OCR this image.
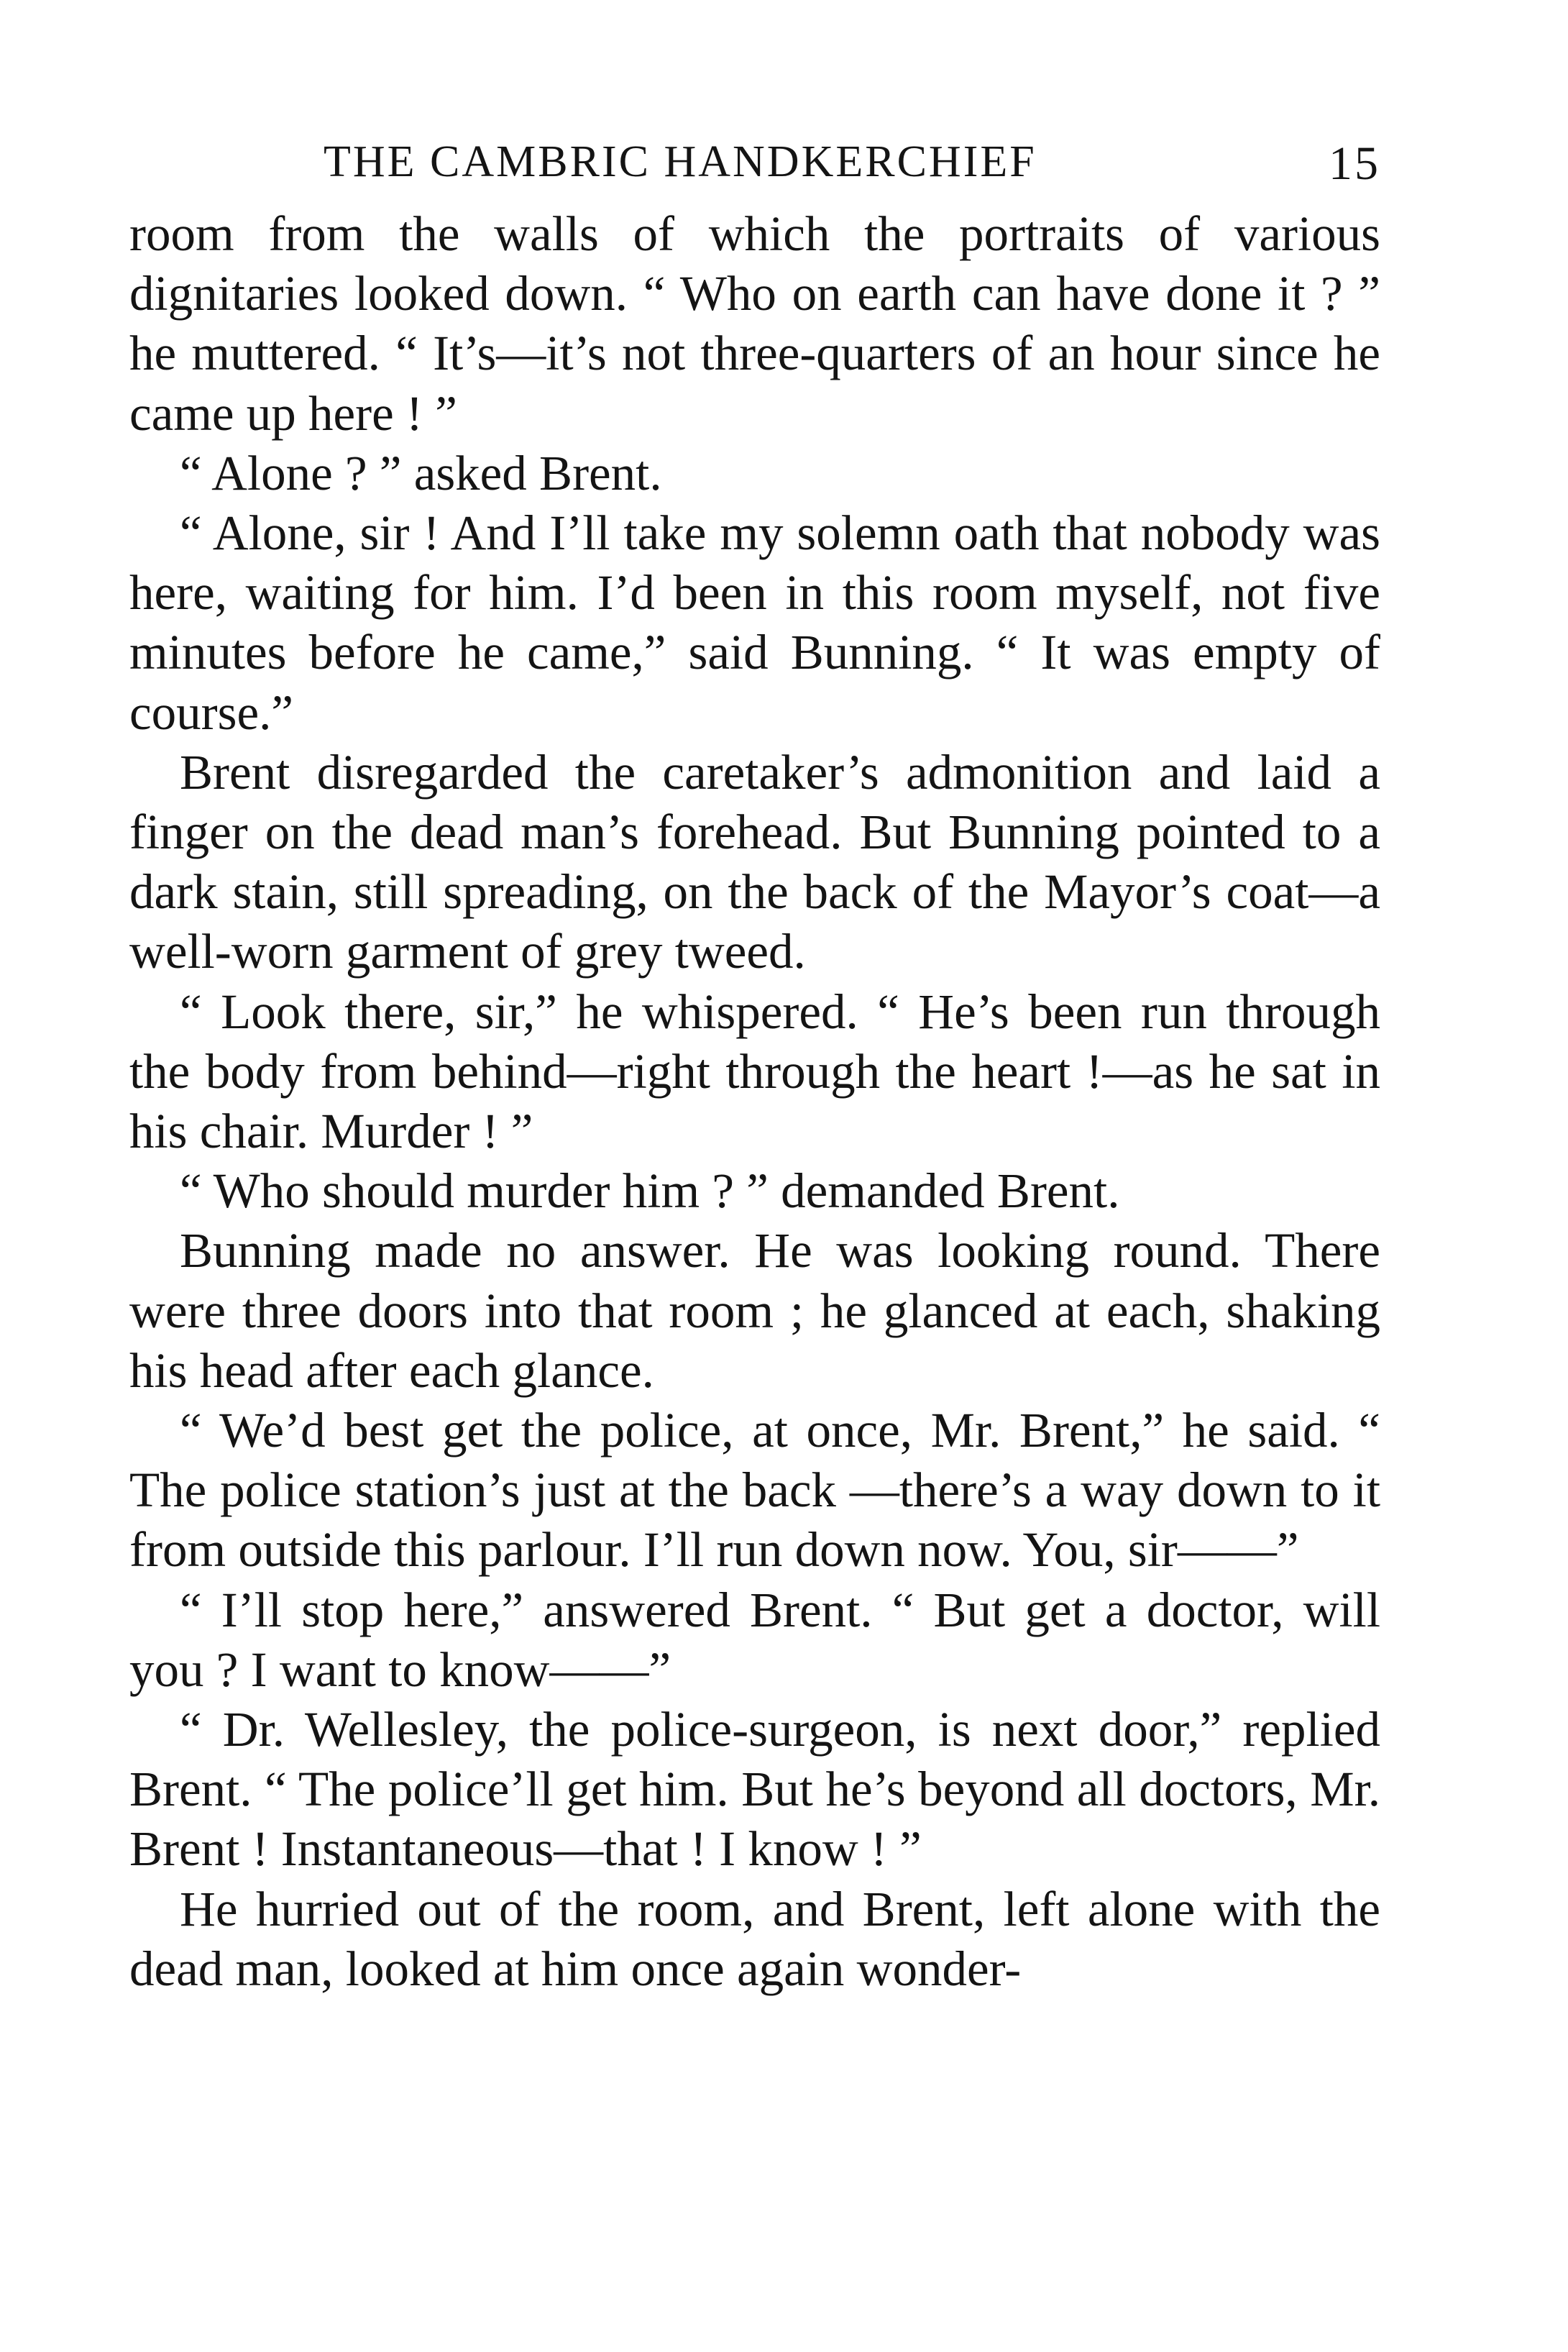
THE CAMBRIC HANDKERCHIEF	15

room from the walls of which the portraits of various dignitaries looked down. “ Who on earth can have done it ? ” he muttered. “ It’s—it’s not three-quarters of an hour since he came up here ! ”

“ Alone ? ” asked Brent.

“ Alone, sir ! And I’ll take my solemn oath that nobody was here, waiting for him. I’d been in this room myself, not five minutes before he came,” said Bunning. “ It was empty of course.”

Brent disregarded the caretaker’s admonition and laid a finger on the dead man’s forehead. But Bunning pointed to a dark stain, still spreading, on the back of the Mayor’s coat—a well-worn garment of grey tweed.

“ Look there, sir,” he whispered. “ He’s been run through the body from behind—right through the heart !—as he sat in his chair. Murder ! ”

“ Who should murder him ? ” demanded Brent.

Bunning made no answer. He was looking round. There were three doors into that room ; he glanced at each, shaking his head after each glance.

“ We’d best get the police, at once, Mr. Brent,” he said. “ The police station’s just at the back —there’s a way down to it from outside this parlour. I’ll run down now. You, sir——”

“ I’ll stop here,” answered Brent. “ But get a doctor, will you ? I want to know——”

“ Dr. Wellesley, the police-surgeon, is next door,” replied Brent. “ The police’ll get him. But he’s beyond all doctors, Mr. Brent ! Instantaneous—that ! I know ! ”

He hurried out of the room, and Brent, left alone with the dead man, looked at him once again wonder-
